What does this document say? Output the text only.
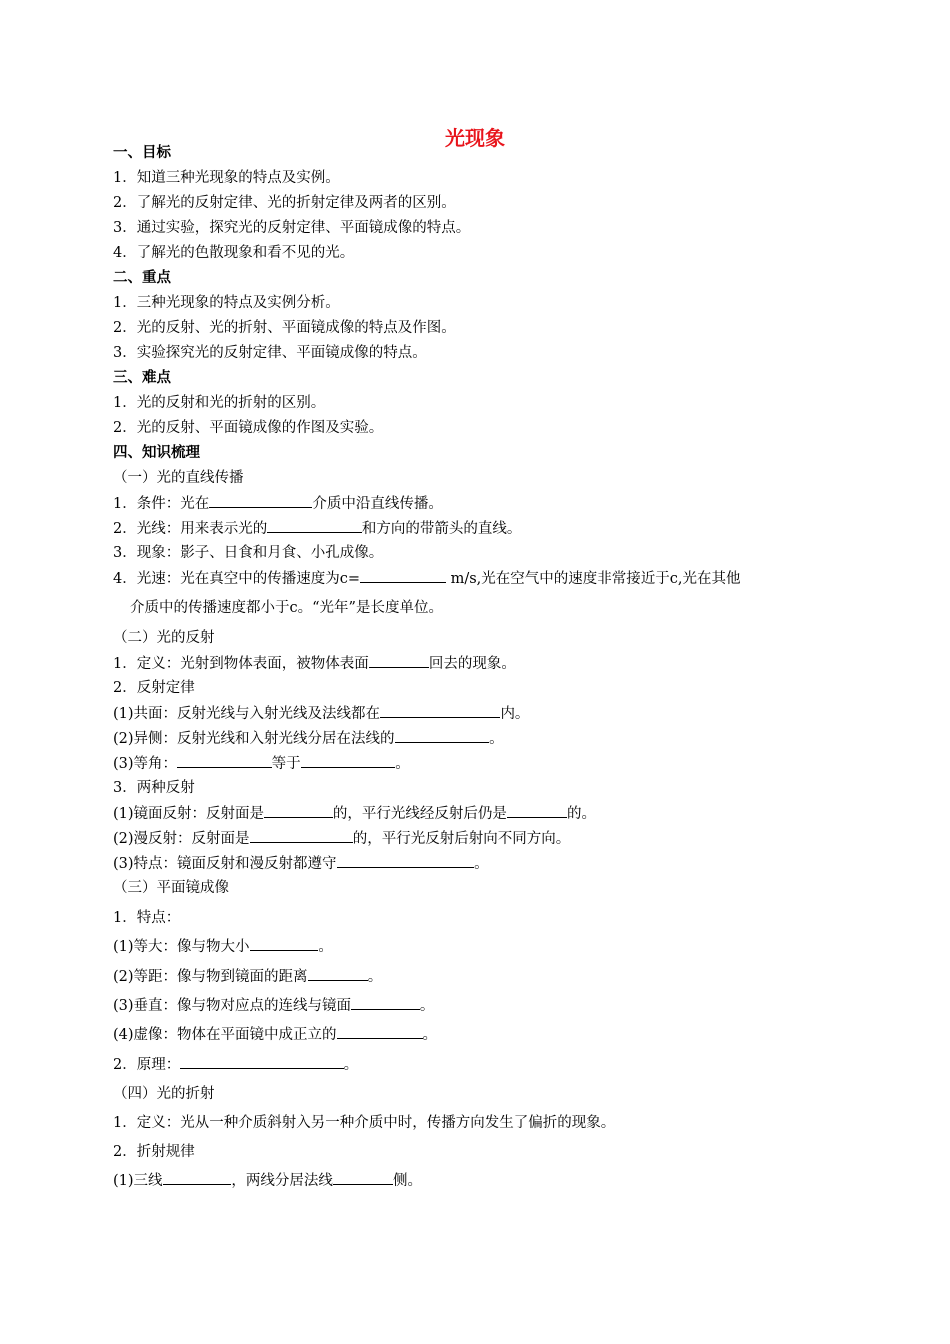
光现象
一、目标
1．知道三种光现象的特点及实例。
2．了解光的反射定律、光的折射定律及两者的区别。
3．通过实验，探究光的反射定律、平面镜成像的特点。
4．了解光的色散现象和看不见的光。
二、重点
1．三种光现象的特点及实例分析。
2．光的反射、光的折射、平面镜成像的特点及作图。
3．实验探究光的反射定律、平面镜成像的特点。
三、难点
1．光的反射和光的折射的区别。
2．光的反射、平面镜成像的作图及实验。
四、知识梳理
（一）光的直线传播
1．条件：光在	介质中沿直线传播。
2．光线：用来表示光的	和方向的带箭头的直线。
3．现象：影子、日食和月食、小孔成像。
4．光速：光在真空中的传播速度为c=	m/s,光在空气中的速度非常接近于c,光在其他
介质中的传播速度都小于c。“光年”是长度单位。
（二）光的反射
1．定义：光射到物体表面，被物体表面	回去的现象。
2．反射定律
(1)共面：反射光线与入射光线及法线都在	内。
(2)异侧：反射光线和入射光线分居在法线的	。
(3)等角：	等于	。
3．两种反射
(1)镜面反射：反射面是	的，平行光线经反射后仍是	的。
(2)漫反射：反射面是	的，平行光反射后射向不同方向。
(3)特点：镜面反射和漫反射都遵守	。
（三）平面镜成像
1．特点：
(1)等大：像与物大小	。
(2)等距：像与物到镜面的距离	。
(3)垂直：像与物对应点的连线与镜面	。
(4)虚像：物体在平面镜中成正立的	。
2．原理：	。
（四）光的折射
1．定义：光从一种介质斜射入另一种介质中时，传播方向发生了偏折的现象。
2．折射规律
(1)三线	，两线分居法线	侧。
